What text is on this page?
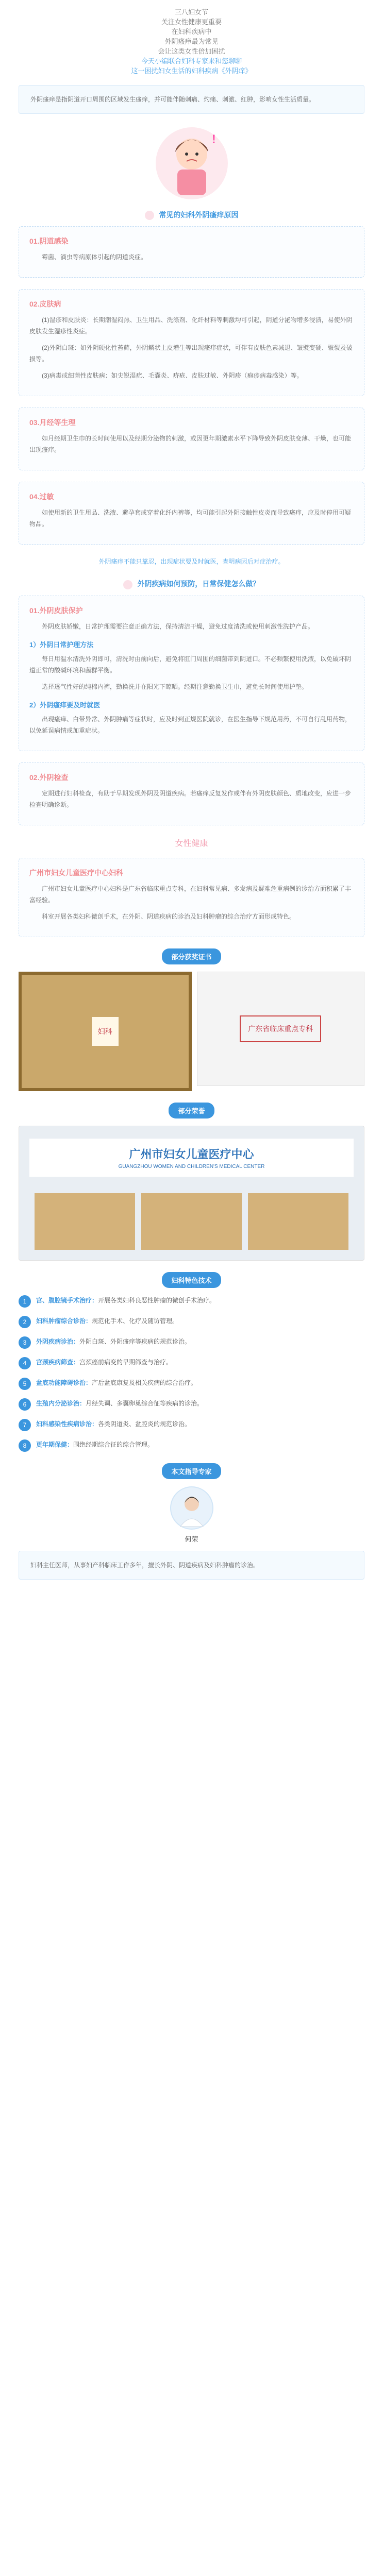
三八妇女节

关注女性健康更重要

在妇科疾病中

外阴瘙痒最为常见

会让这类女性倍加困扰

今天小编联合妇科专家来和您聊聊

这一困扰妇女生活的妇科疾病《外阴痒》

外阴瘙痒是指阴道开口周围的区域发生瘙痒，并可能伴随刺痛、灼痛、刺激、红肿，影响女性生活质量。
!
常见的妇科外阴瘙痒原因
01.阴道感染

霉菌、滴虫等病原体引起的阴道炎症。

02.皮肤病

(1)湿疹和皮肤炎：长期潮湿闷热、卫生用品、洗涤剂、化纤材料等刺激均可引起，阴道分泌物增多浸渍，易使外阴皮肤发生湿疹性炎症。

(2)外阴白斑：如外阴硬化性苔藓，外阴鳞状上皮增生等出现瘙痒症状，可伴有皮肤色素减退、皱襞变硬、皲裂及破损等。

(3)病毒或细菌性皮肤病：如尖锐湿疣、毛囊炎、疥疮、皮肤过敏、外阴疹（疱疹病毒感染）等。

03.月经等生理

如月经期卫生巾的长时间使用以及经期分泌物的刺激，或因更年期激素水平下降导致外阴皮肤变薄、干燥，也可能出现瘙痒。

04.过敏

如使用新的卫生用品、洗液、避孕套或穿着化纤内裤等，均可能引起外阴接触性皮炎而导致瘙痒，应及时停用可疑物品。

外阴瘙痒不能只靠忍，出现症状要及时就医，查明病因后对症治疗。
外阴疾病如何预防，日常保健怎么做？
01.外阴皮肤保护

外阴皮肤娇嫩，日常护理需要注意正确方法，保持清洁干燥，避免过度清洗或使用刺激性洗护产品。

1）外阴日常护理方法

每日用温水清洗外阴即可，清洗时由前向后，避免将肛门周围的细菌带到阴道口。不必频繁使用洗液，以免破坏阴道正常的酸碱环境和菌群平衡。

选择透气性好的纯棉内裤，勤换洗并在阳光下晾晒。经期注意勤换卫生巾，避免长时间使用护垫。

2）外阴瘙痒要及时就医

出现瘙痒、白带异常、外阴肿痛等症状时，应及时到正规医院就诊，在医生指导下规范用药，不可自行乱用药物，以免延误病情或加重症状。

02.外阴检查

定期进行妇科检查，有助于早期发现外阴及阴道疾病。若瘙痒反复发作或伴有外阴皮肤颜色、质地改变，应进一步检查明确诊断。

女性健康
广州市妇女儿童医疗中心妇科

广州市妇女儿童医疗中心妇科是广东省临床重点专科，在妇科常见病、多发病及疑难危重病例的诊治方面积累了丰富经验。

科室开展各类妇科微创手术，在外阴、阴道疾病的诊治及妇科肿瘤的综合治疗方面形成特色。

部分获奖证书
妇科	广东省临床重点专科
部分荣誉
广州市妇女儿童医疗中心
GUANGZHOU WOMEN AND CHILDREN'S MEDICAL CENTER
妇科特色技术
1	宫、腹腔镜手术治疗：开展各类妇科良恶性肿瘤的微创手术治疗。
2	妇科肿瘤综合诊治：规范化手术、化疗及随访管理。
3	外阴疾病诊治：外阴白斑、外阴瘙痒等疾病的规范诊治。
4	宫颈疾病筛查：宫颈癌前病变的早期筛查与治疗。
5	盆底功能障碍诊治：产后盆底康复及相关疾病的综合治疗。
6	生殖内分泌诊治：月经失调、多囊卵巢综合征等疾病的诊治。
7	妇科感染性疾病诊治：各类阴道炎、盆腔炎的规范诊治。
8	更年期保健：围绝经期综合征的综合管理。
本文指导专家
何荣
妇科主任医师，从事妇产科临床工作多年，擅长外阴、阴道疾病及妇科肿瘤的诊治。
